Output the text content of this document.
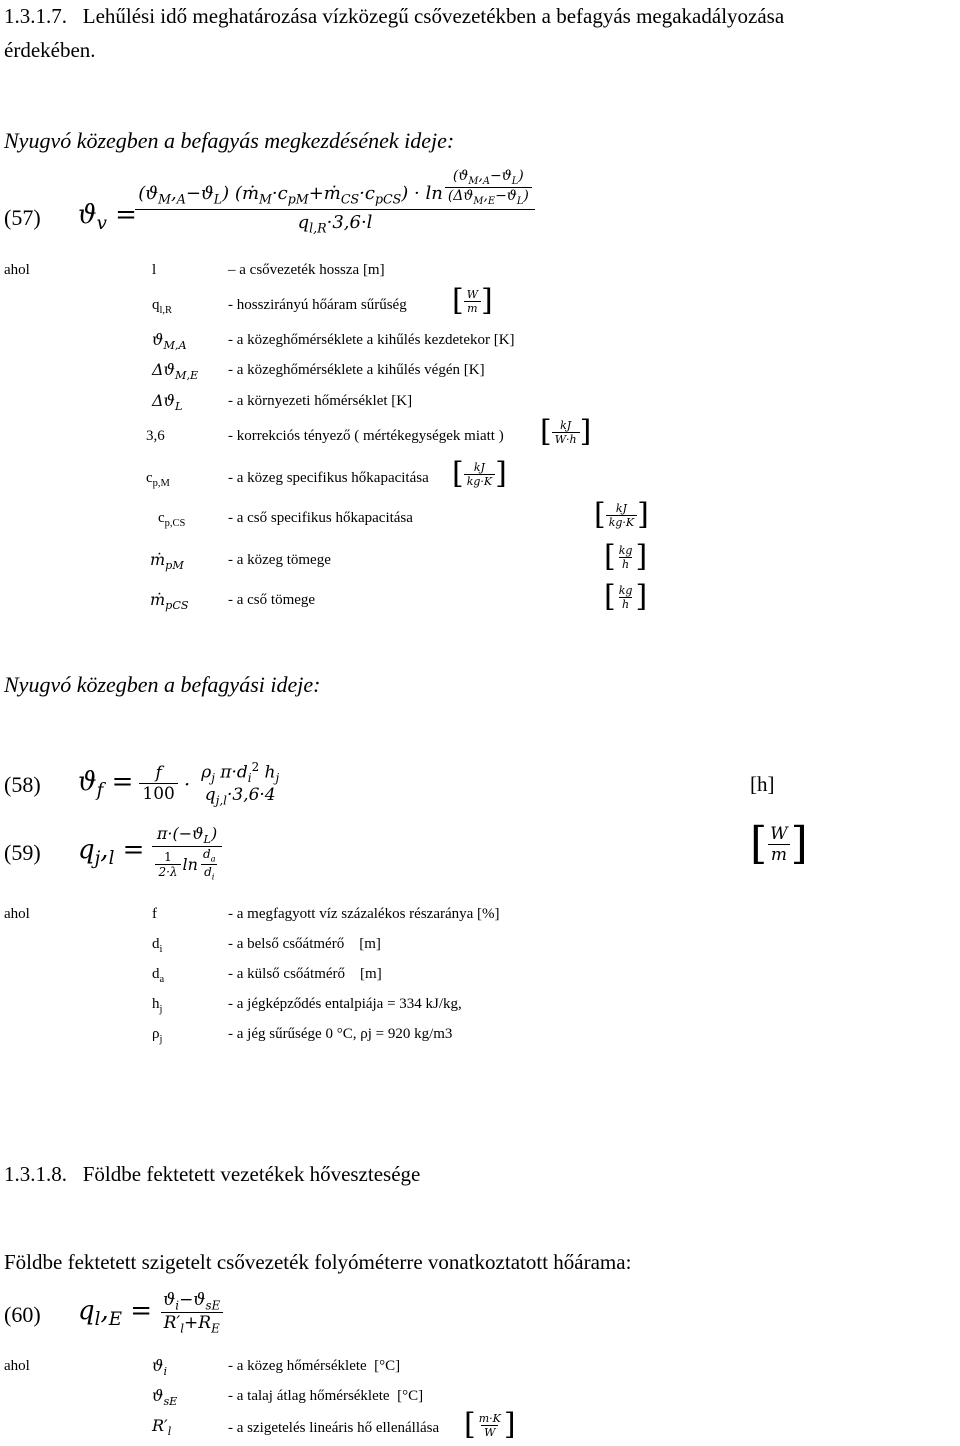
1.3.1.7. Lehűlési idő meghatározása vízközegű csővezetékben a befagyás megakadályozása
érdekében.
Nyugvó közegben a befagyás megkezdésének ideje:
(57) $ϑ_v$ =
$(ϑ_M,_A-ϑ_L)$ $(ṁ_M\cdot c_{pM}+ṁ_{CS}\cdot c_{pCS}) \cdot \ln \frac{(ϑ_M,_A-ϑ_L)}{(\Delta ϑ_M,_E-ϑ_L)}$
$q_{l,R}\cdot 3,6\cdot l$
ahol	l	– a csővezeték hossza [m]
$q_{l,R}$	- hosszirányú hőáram sűrűség [ $\frac{W}{m}$ ]
$ϑ_{M,A}$	- a közeghőmérséklete a kihűlés kezdetekor [K]
$\Delta ϑ_{M,E}$ - a közeghőmérséklete a kihűlés végén [K]
$\Delta ϑ_L$	- a környezeti hőmérséklet [K]
3,6	- korrekciós tényező ( mértékegységek miatt ) [ $\frac{kJ}{W\cdot h}$ ]
$c_{p,M}$	- a közeg specifikus hőkapacitása [ $\frac{kJ}{kg\cdot K}$ ]
$c_{p,CS}$	- a cső specifikus hőkapacitása	[ $\frac{kJ}{kg\cdot K}$ ]
ṁ$_{pM}$	- a közeg tömege	[ $\frac{kg}{h}$ ]
ṁ$_{pCS}$	- a cső tömege	[ $\frac{kg}{h}$ ]
Nyugvó közegben a befagyási ideje:
(58) $ϑ_f = \frac{f}{100} \cdot \rho_j$ $\pi\cdot d_i^2$ $h_j$
$q_{j,l}\cdot 3,6\cdot 4$	[h]
(59) $q_j,_l = \frac{\pi\cdot(-ϑ_L)}{\frac{1}{2\cdot\lambda} \ln \frac{d_a}{d_i}}$	[ $\frac{W}{m}$ ]
ahol	f	- a megfagyott víz százalékos részaránya [%]
$d_i$	- a belső csőátmérő    [m]
$d_a$	- a külső csőátmérő    [m]
$h_j$	- a jégképződés entalpiája = 334 kJ/kg,
$\rho_j$	- a jég sűrűsége 0 °C, ρj = 920 kg/m3
1.3.1.8. Földbe fektetett vezetékek hővesztesége
Földbe fektetett szigetelt csővezeték folyóméterre vonatkoztatott hőárama:
(60) $q_l,_E = \frac{ϑ_i-ϑ_{sE}}{R'_l+R_E}$
ahol	$ϑ_i$	- a közeg hőmérséklete  [°C]
$ϑ_{sE}$	- a talaj átlag hőmérséklete  [°C]
$R'_l$	- a szigetelés lineáris hő ellenállása [ $\frac{m\cdot K}{W}$ ]
